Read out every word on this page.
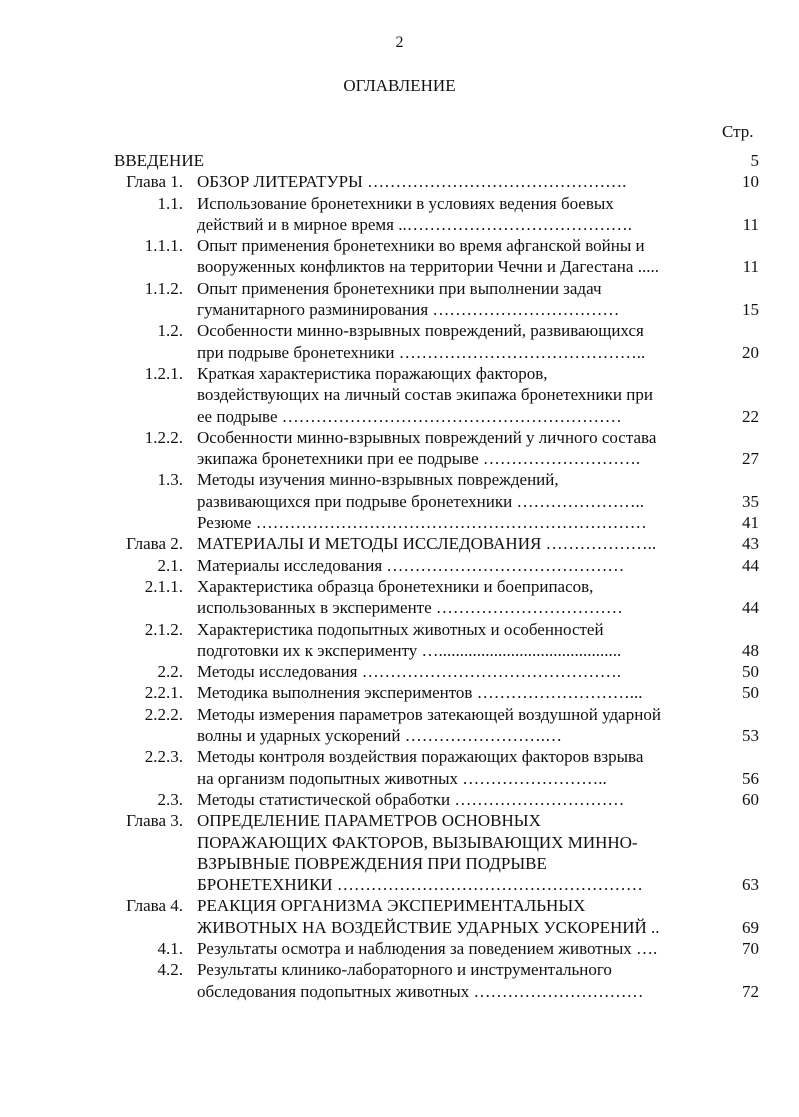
2
ОГЛАВЛЕНИЕ
Стр.
ВВЕДЕНИЕ	5
Глава 1. ОБЗОР ЛИТЕРАТУРЫ ……………………………………….	10
1.1. Использование бронетехники в условиях ведения боевых
действий и в мирное время ..………………………………….	11
1.1.1. Опыт применения бронетехники во время афганской войны и
вооруженных конфликтов на территории Чечни и Дагестана .....	11
1.1.2. Опыт применения бронетехники при выполнении задач
гуманитарного разминирования ……………………………	15
1.2. Особенности минно-взрывных повреждений, развивающихся
при подрыве бронетехники ……………………………………..	20
1.2.1. Краткая характеристика поражающих факторов,
воздействующих на личный состав экипажа бронетехники при
ее подрыве ……………………………………………………	22
1.2.2. Особенности минно-взрывных повреждений у личного состава
экипажа бронетехники при ее подрыве ……………………….	27
1.3. Методы изучения минно-взрывных повреждений,
развивающихся при подрыве бронетехники …………………..	35
Резюме ……………………………………………………………	41
Глава 2. МАТЕРИАЛЫ И МЕТОДЫ ИССЛЕДОВАНИЯ ………………..	43
2.1. Материалы исследования ……………………………………	44
2.1.1. Характеристика образца бронетехники и боеприпасов,
использованных в эксперименте ……………………………	44
2.1.2. Характеристика подопытных животных и особенностей
подготовки их к эксперименту …...........................................	48
2.2. Методы исследования ……………………………………….	50
2.2.1. Методика выполнения экспериментов ………………………...	50
2.2.2. Методы измерения параметров затекающей воздушной ударной
волны и ударных ускорений …………………….…	53
2.2.3. Методы контроля воздействия поражающих факторов взрыва
на организм подопытных животных ……………………..	56
2.3. Методы статистической обработки …………………………	60
Глава 3. ОПРЕДЕЛЕНИЕ ПАРАМЕТРОВ ОСНОВНЫХ
ПОРАЖАЮЩИХ ФАКТОРОВ, ВЫЗЫВАЮЩИХ МИННО-
ВЗРЫВНЫЕ ПОВРЕЖДЕНИЯ ПРИ ПОДРЫВЕ
БРОНЕТЕХНИКИ ………………………………………………	63
Глава 4. РЕАКЦИЯ ОРГАНИЗМА ЭКСПЕРИМЕНТАЛЬНЫХ
ЖИВОТНЫХ НА ВОЗДЕЙСТВИЕ УДАРНЫХ УСКОРЕНИЙ ..	69
4.1. Результаты осмотра и наблюдения за поведением животных ….	70
4.2. Результаты клинико-лабораторного и инструментального
обследования подопытных животных …………………………	72
